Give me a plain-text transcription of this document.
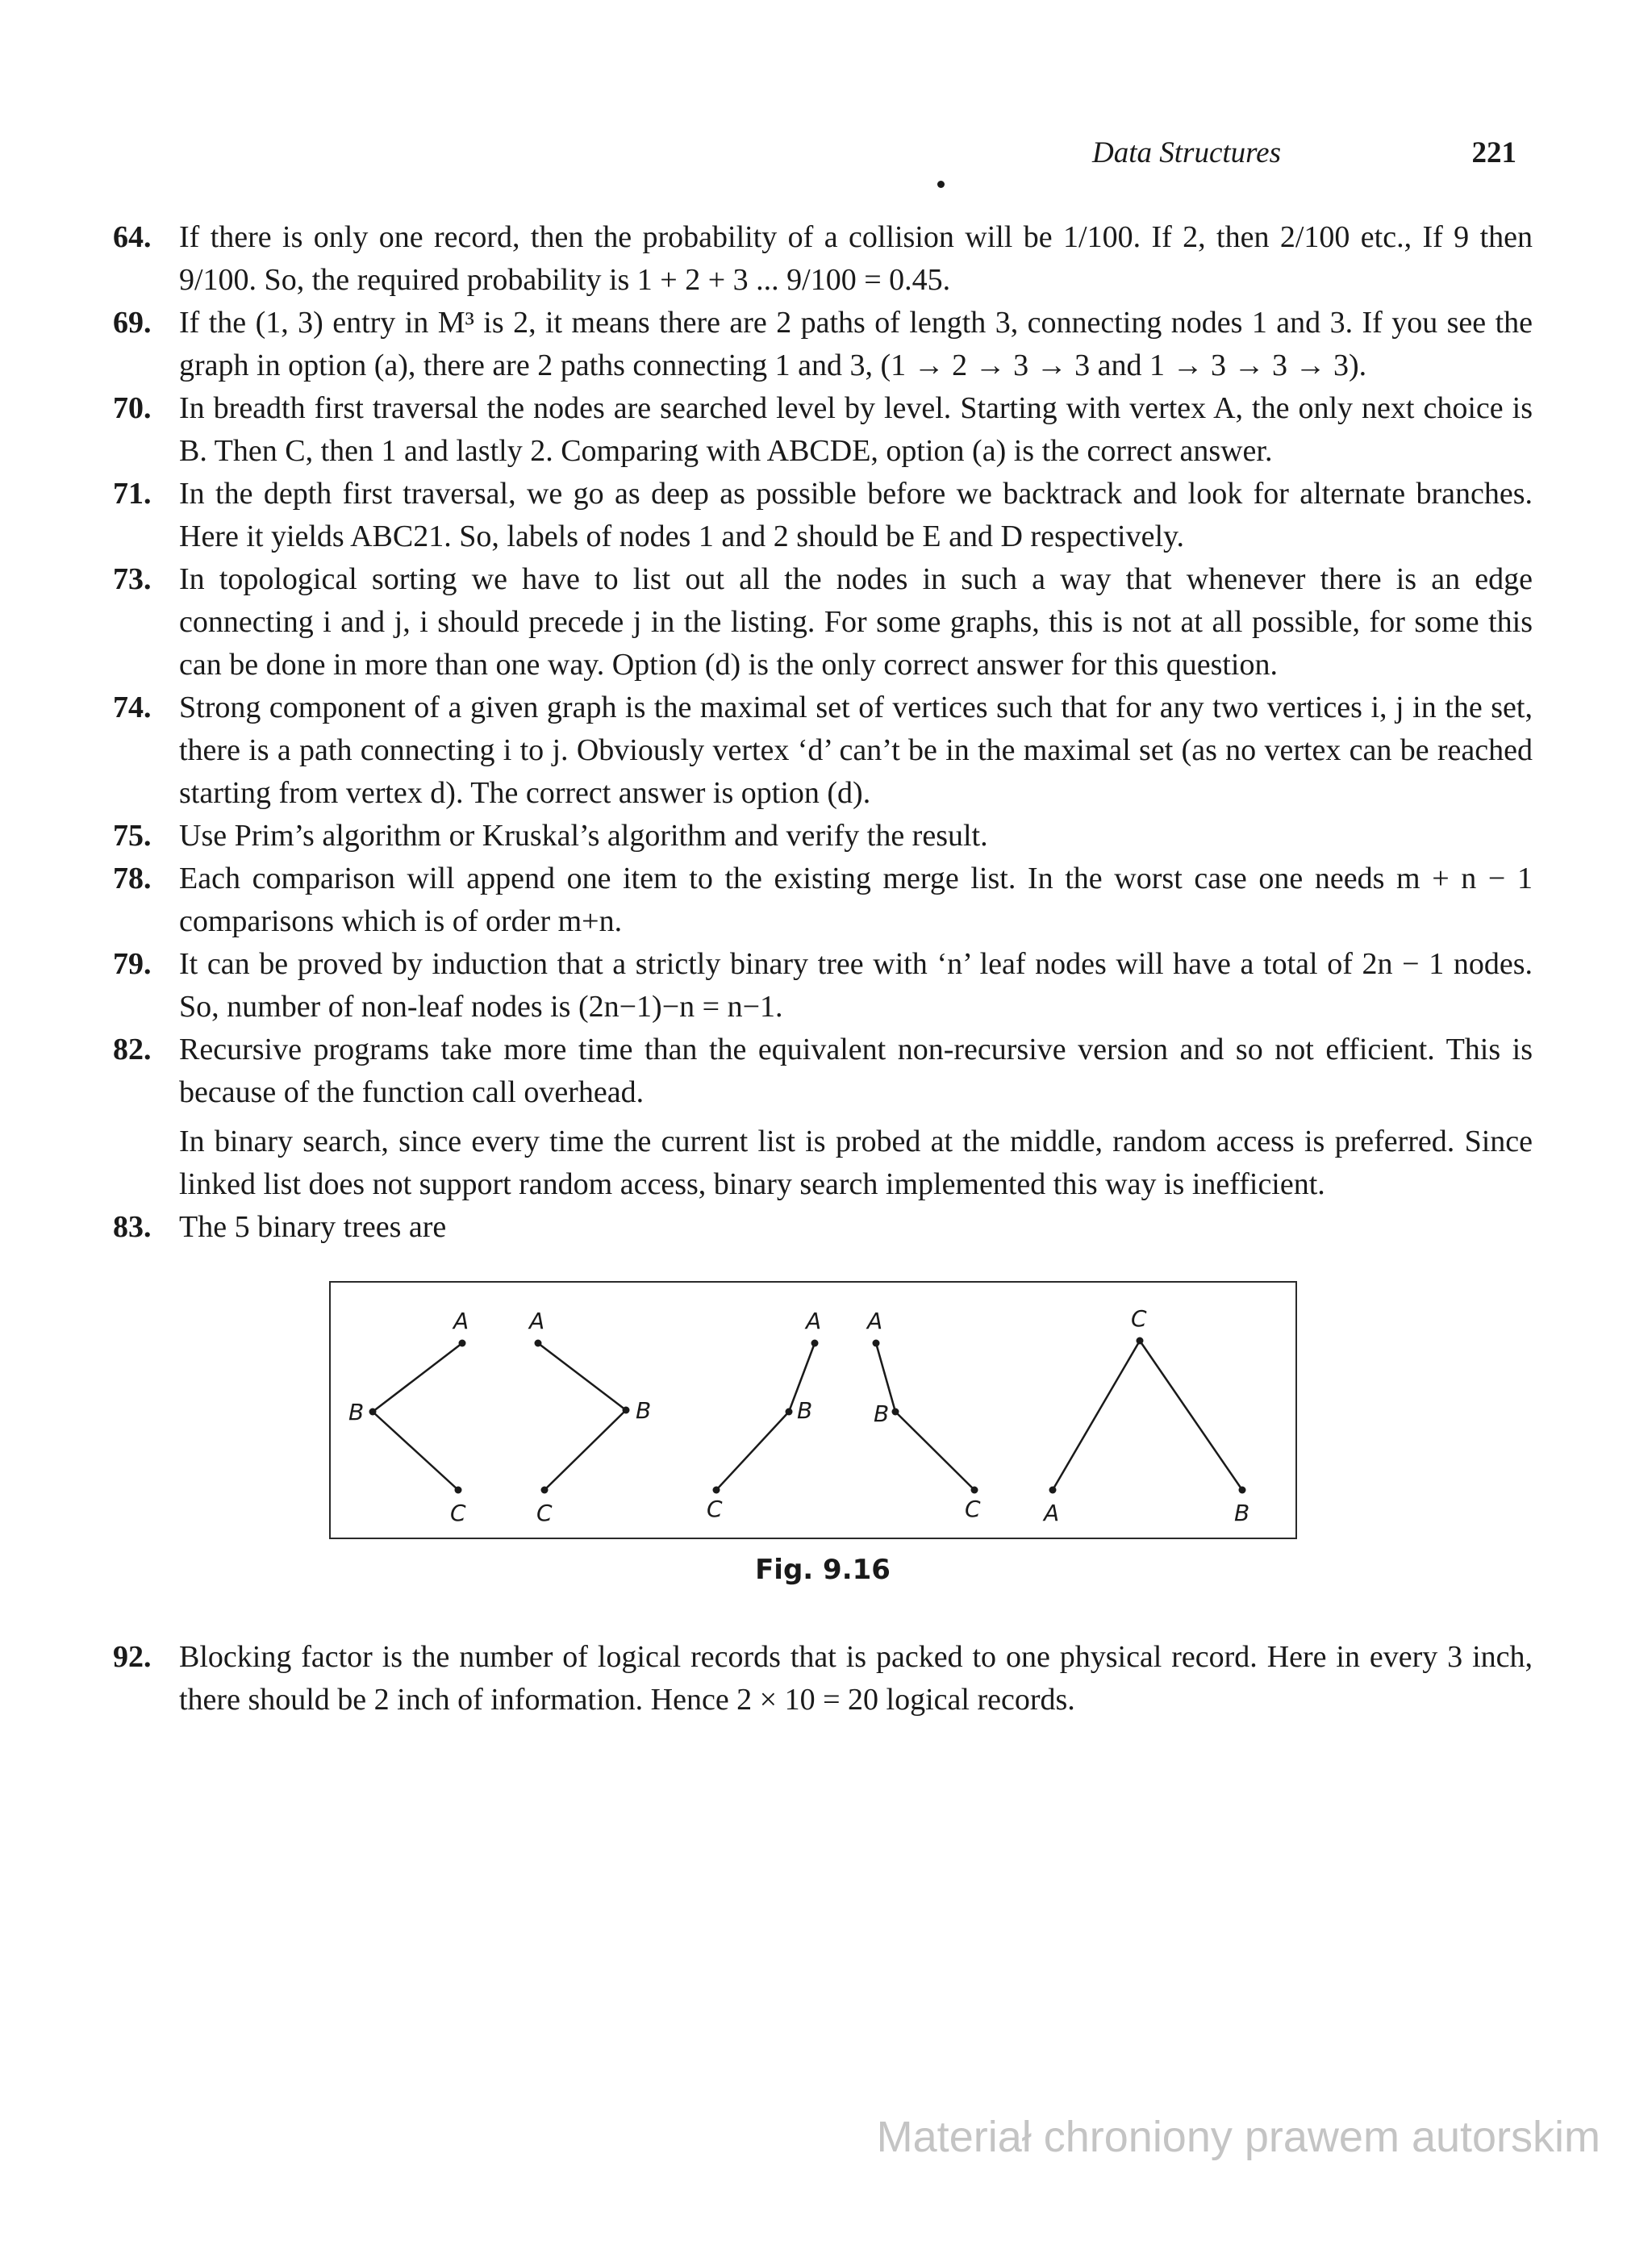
Data Structures	221
64. If there is only one record, then the probability of a collision will be 1/100. If 2, then 2/100 etc., If 9 then 9/100. So, the required probability is 1 + 2 + 3 ... 9/100 = 0.45.

69. If the (1, 3) entry in M³ is 2, it means there are 2 paths of length 3, connecting nodes 1 and 3. If you see the graph in option (a), there are 2 paths connecting 1 and 3, (1 → 2 → 3 → 3 and 1 → 3 → 3 → 3).

70. In breadth first traversal the nodes are searched level by level. Starting with vertex A, the only next choice is B. Then C, then 1 and lastly 2. Comparing with ABCDE, option (a) is the correct answer.

71. In the depth first traversal, we go as deep as possible before we backtrack and look for alternate branches. Here it yields ABC21. So, labels of nodes 1 and 2 should be E and D respectively.

73. In topological sorting we have to list out all the nodes in such a way that whenever there is an edge connecting i and j, i should precede j in the listing. For some graphs, this is not at all possible, for some this can be done in more than one way. Option (d) is the only correct answer for this question.

74. Strong component of a given graph is the maximal set of vertices such that for any two vertices i, j in the set, there is a path connecting i to j. Obviously vertex ‘d’ can’t be in the maximal set (as no vertex can be reached starting from vertex d). The correct answer is option (d).

75. Use Prim’s algorithm or Kruskal’s algorithm and verify the result.

78. Each comparison will append one item to the existing merge list. In the worst case one needs m + n − 1 comparisons which is of order m+n.

79. It can be proved by induction that a strictly binary tree with ‘n’ leaf nodes will have a total of 2n − 1 nodes. So, number of non-leaf nodes is (2n−1)−n = n−1.

82. Recursive programs take more time than the equivalent non-recursive version and so not efficient. This is because of the function call overhead.

In binary search, since every time the current list is probed at the middle, random access is preferred. Since linked list does not support random access, binary search implemented this way is inefficient.

83. The 5 binary trees are

A
B
C
A
B
C
A
B
C
A
B
C
C
A	B
Fig. 9.16
92. Blocking factor is the number of logical records that is packed to one physical record. Here in every 3 inch, there should be 2 inch of information. Hence 2 × 10 = 20 logical records.

Materiał chroniony prawem autorskim
